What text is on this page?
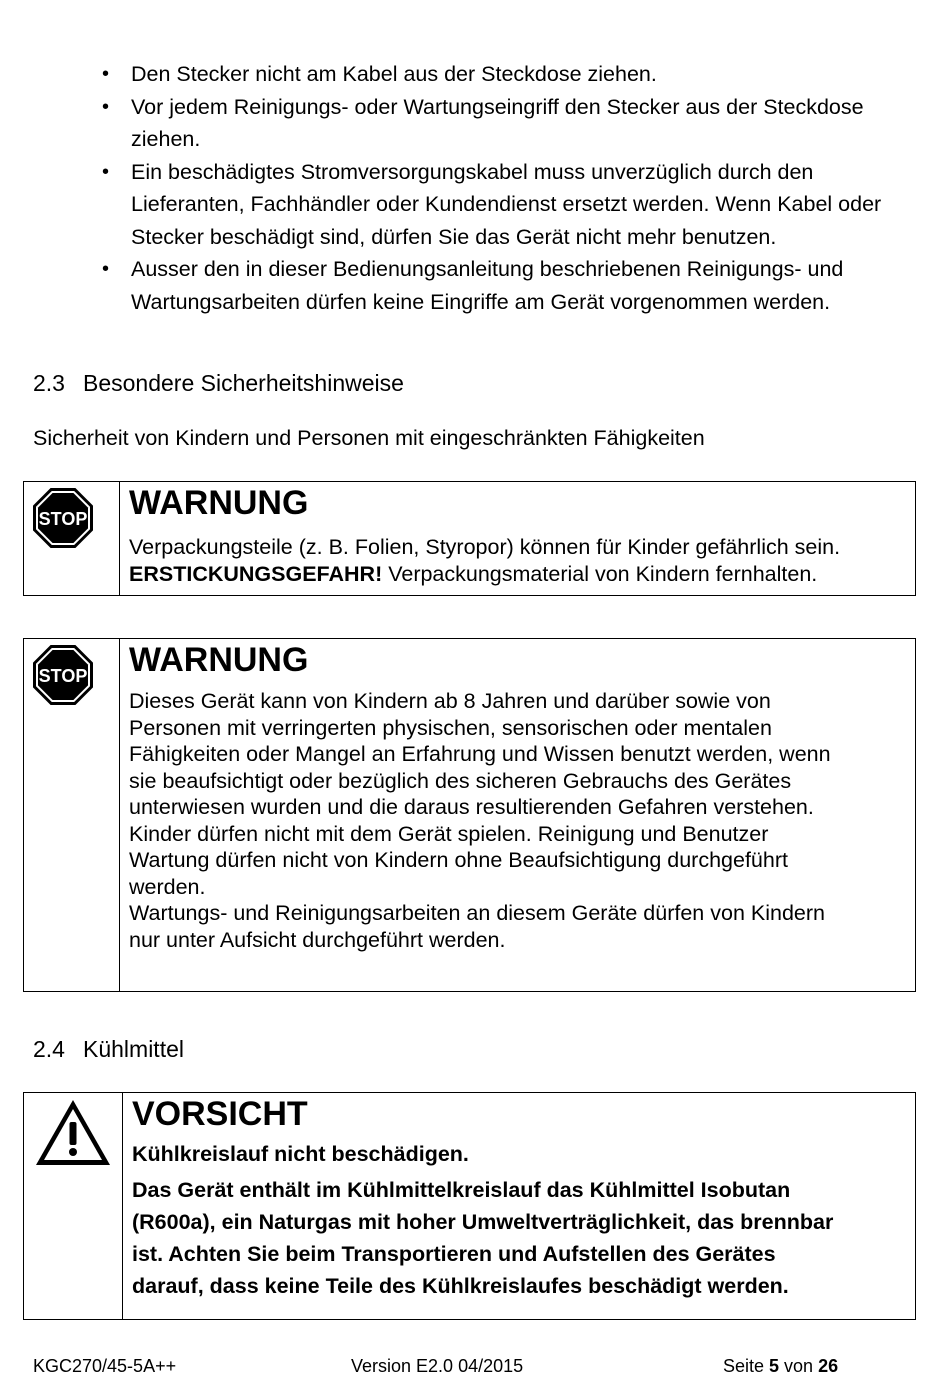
• Den Stecker nicht am Kabel aus der Steckdose ziehen.
• Vor jedem Reinigungs- oder Wartungseingriff den Stecker aus der Steckdose ziehen.
• Ein beschädigtes Stromversorgungskabel muss unverzüglich durch den Lieferanten, Fachhändler oder Kundendienst ersetzt werden. Wenn Kabel oder Stecker beschädigt sind, dürfen Sie das Gerät nicht mehr benutzen.
• Ausser den in dieser Bedienungsanleitung beschriebenen Reinigungs- und Wartungsarbeiten dürfen keine Eingriffe am Gerät vorgenommen werden.
2.3 Besondere Sicherheitshinweise
Sicherheit von Kindern und Personen mit eingeschränkten Fähigkeiten
STOP WARNUNG

Verpackungsteile (z. B. Folien, Styropor) können für Kinder gefährlich sein.

ERSTICKUNGSGEFAHR! Verpackungsmaterial von Kindern fernhalten.

STOP WARNUNG

Dieses Gerät kann von Kindern ab 8 Jahren und darüber sowie von

Personen mit verringerten physischen, sensorischen oder mentalen

Fähigkeiten oder Mangel an Erfahrung und Wissen benutzt werden, wenn

sie beaufsichtigt oder bezüglich des sicheren Gebrauchs des Gerätes

unterwiesen wurden und die daraus resultierenden Gefahren verstehen.

Kinder dürfen nicht mit dem Gerät spielen. Reinigung und Benutzer

Wartung dürfen nicht von Kindern ohne Beaufsichtigung durchgeführt

werden.

Wartungs- und Reinigungsarbeiten an diesem Geräte dürfen von Kindern

nur unter Aufsicht durchgeführt werden.

2.4 Kühlmittel
VORSICHT

Kühlkreislauf nicht beschädigen.

Das Gerät enthält im Kühlmittelkreislauf das Kühlmittel Isobutan

(R600a), ein Naturgas mit hoher Umweltverträglichkeit, das brennbar

ist. Achten Sie beim Transportieren und Aufstellen des Gerätes

darauf, dass keine Teile des Kühlkreislaufes beschädigt werden.

KGC270/45-5A++	Version E2.0 04/2015	Seite 5 von 26
